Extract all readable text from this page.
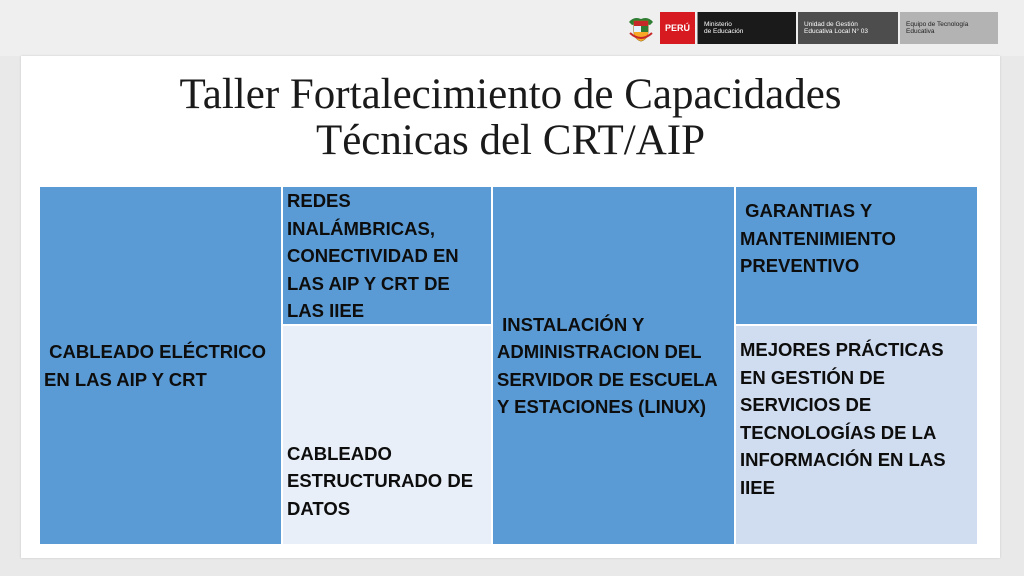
PERÚ Ministerio
de Educación
Unidad de Gestión
Educativa Local N° 03
Equipo de Tecnología
Educativa
Taller Fortalecimiento de Capacidades
Técnicas del CRT/AIP
CABLEADO ELÉCTRICO EN LAS AIP Y CRT
REDES INALÁMBRICAS, CONECTIVIDAD EN LAS AIP Y CRT DE LAS IIEE
INSTALACIÓN Y ADMINISTRACION DEL SERVIDOR DE ESCUELA Y ESTACIONES (LINUX)
GARANTIAS Y MANTENIMIENTO PREVENTIVO
CABLEADO ESTRUCTURADO DE DATOS
MEJORES PRÁCTICAS EN GESTIÓN DE SERVICIOS DE TECNOLOGÍAS DE LA INFORMACIÓN EN LAS IIEE
